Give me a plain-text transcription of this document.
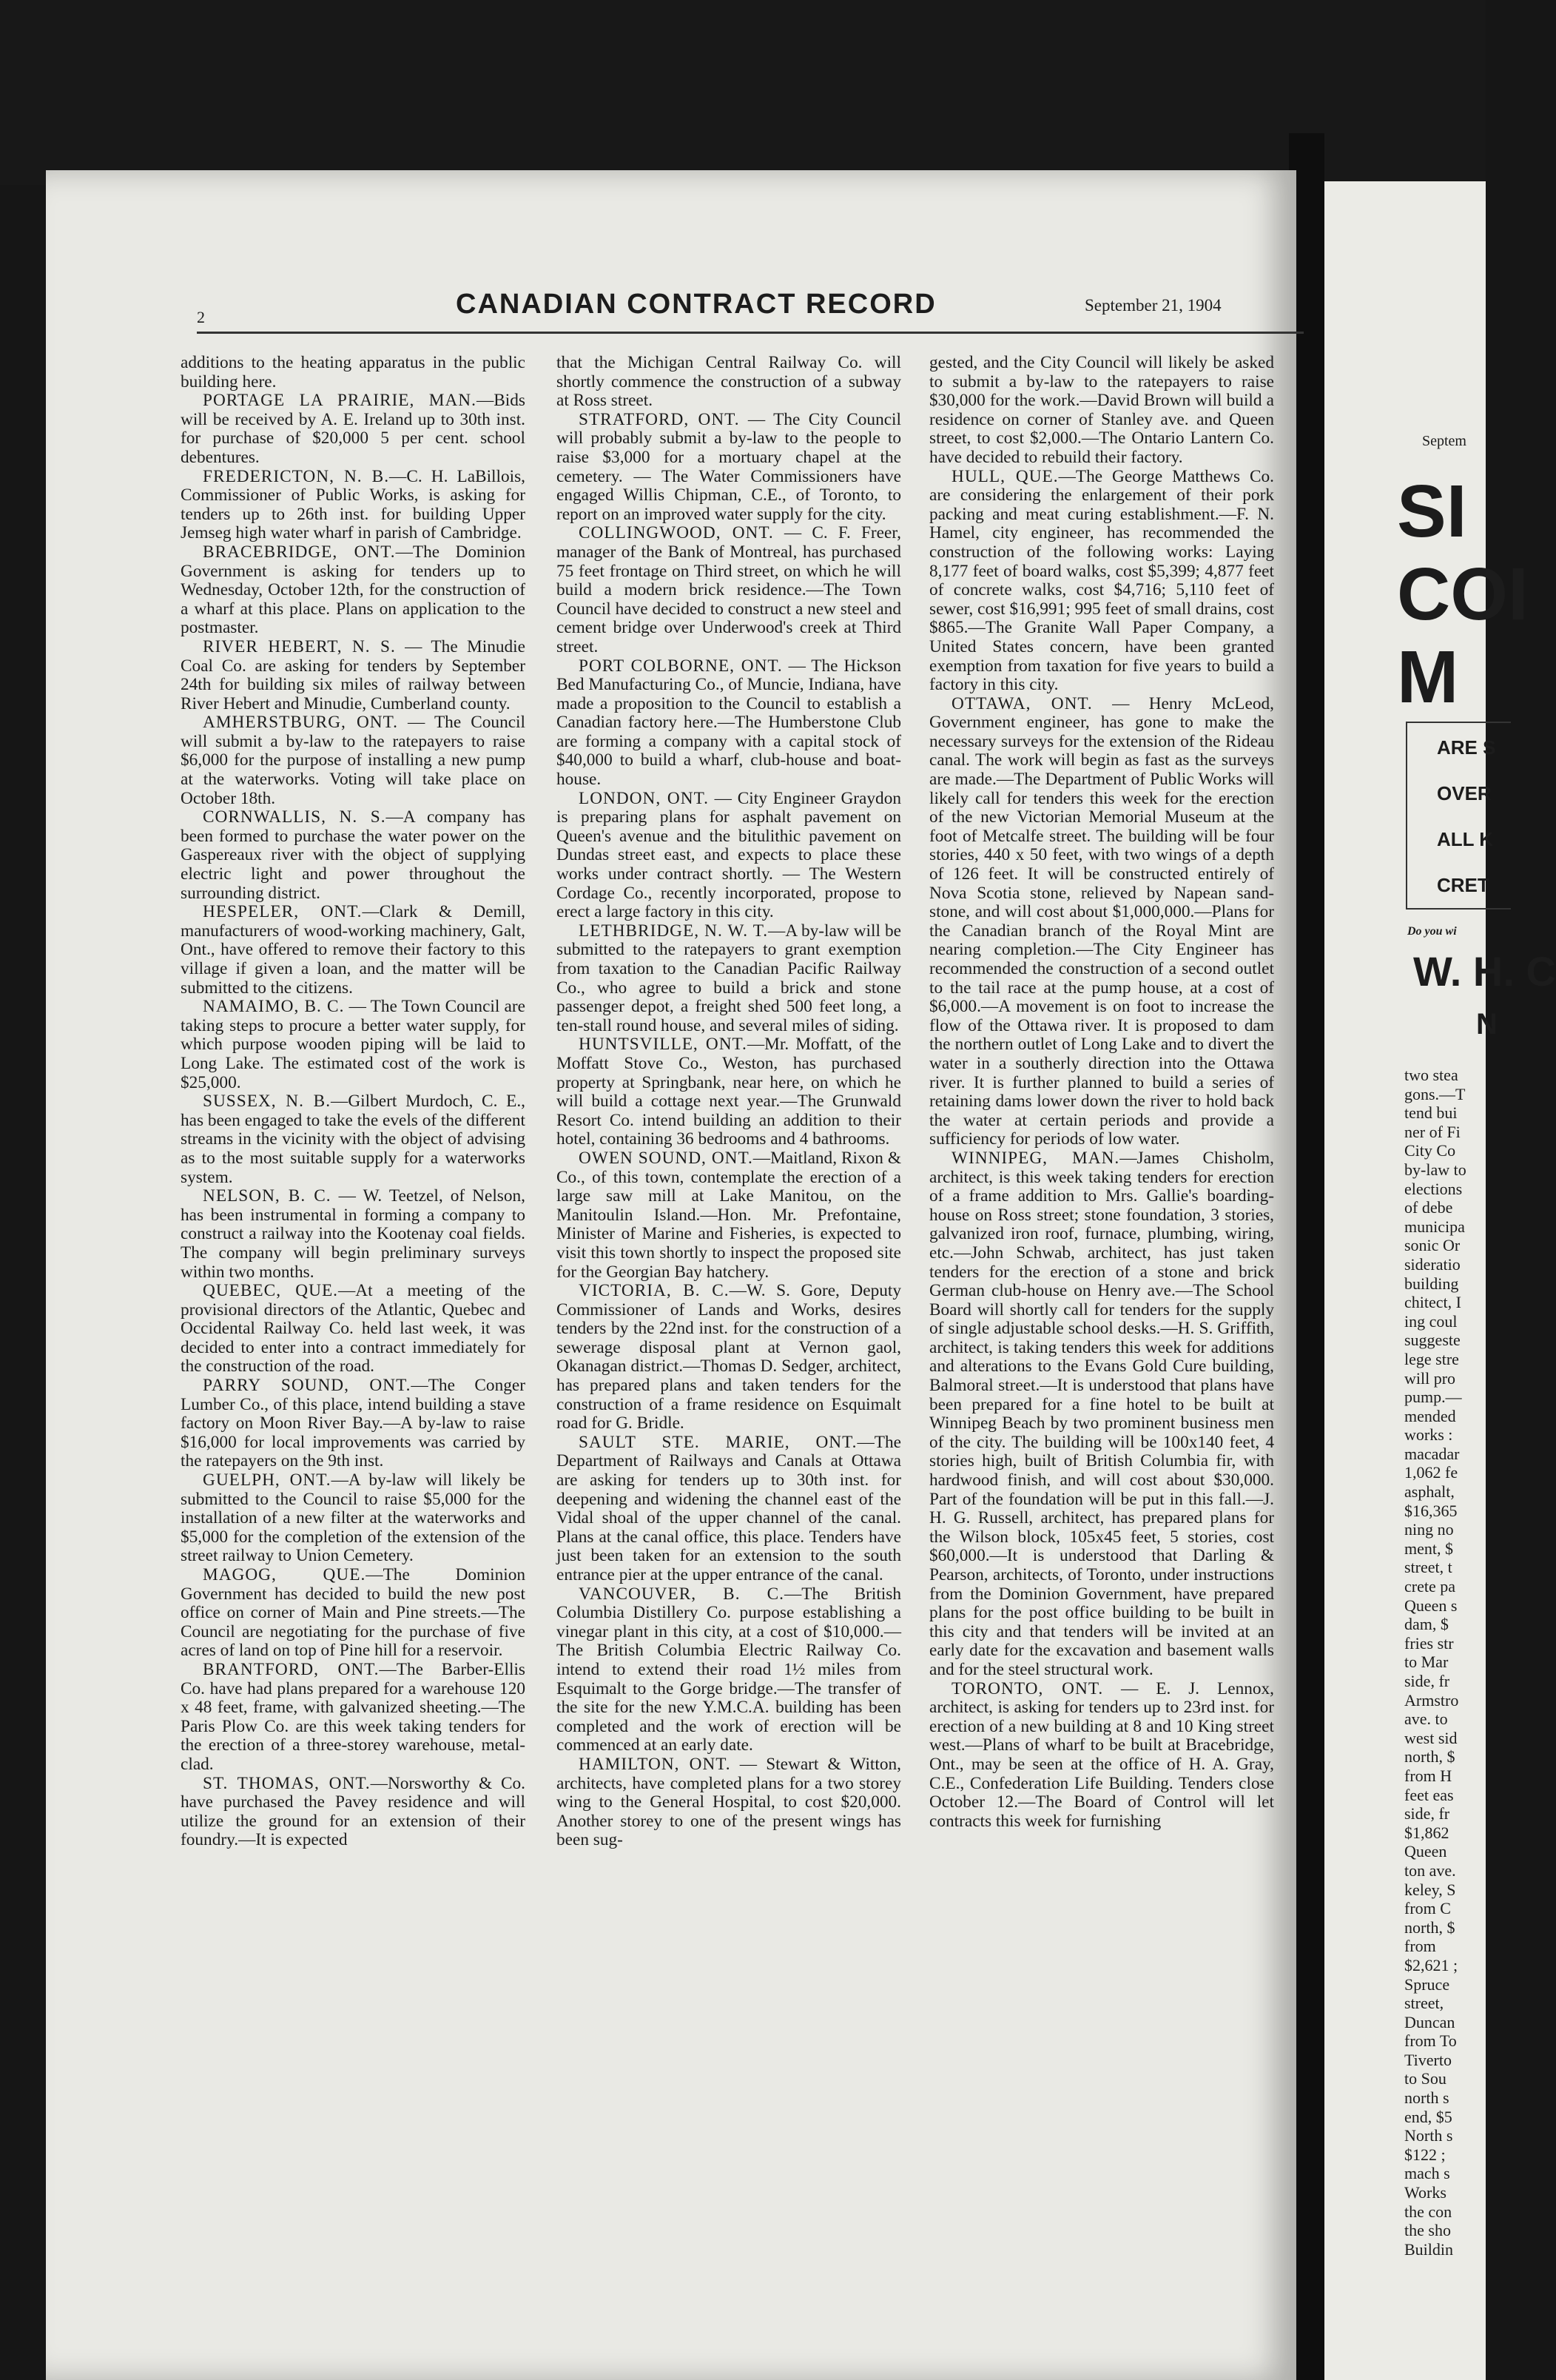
2	CANADIAN CONTRACT RECORD	September 21, 1904

additions to the heating apparatus in the public building here.

PORTAGE LA PRAIRIE, MAN.—Bids will be received by A. E. Ireland up to 30th inst. for purchase of $20,000 5 per cent. school debentures.

FREDERICTON, N. B.—C. H. LaBillois, Commissioner of Public Works, is asking for tenders up to 26th inst. for building Upper Jemseg high water wharf in parish of Cambridge.

BRACEBRIDGE, ONT.—The Dominion Government is asking for tenders up to Wednesday, October 12th, for the construction of a wharf at this place. Plans on application to the postmaster.

RIVER HEBERT, N. S. — The Minudie Coal Co. are asking for tenders by September 24th for building six miles of railway between River Hebert and Minudie, Cumberland county.

AMHERSTBURG, ONT. — The Council will submit a by-law to the ratepayers to raise $6,000 for the purpose of installing a new pump at the waterworks. Voting will take place on October 18th.

CORNWALLIS, N. S.—A company has been formed to purchase the water power on the Gaspereaux river with the object of supplying electric light and power throughout the surrounding district.

HESPELER, ONT.—Clark & Demill, manufacturers of wood-working machinery, Galt, Ont., have offered to remove their factory to this village if given a loan, and the matter will be submitted to the citizens.

NAMAIMO, B. C. — The Town Council are taking steps to procure a better water supply, for which purpose wooden piping will be laid to Long Lake. The estimated cost of the work is $25,000.

SUSSEX, N. B.—Gilbert Murdoch, C. E., has been engaged to take the evels of the different streams in the vicinity with the object of advising as to the most suitable supply for a waterworks system.

NELSON, B. C. — W. Teetzel, of Nelson, has been instrumental in forming a company to construct a railway into the Kootenay coal fields. The company will begin preliminary surveys within two months.

QUEBEC, QUE.—At a meeting of the provisional directors of the Atlantic, Quebec and Occidental Railway Co. held last week, it was decided to enter into a contract immediately for the construction of the road.

PARRY SOUND, ONT.—The Conger Lumber Co., of this place, intend building a stave factory on Moon River Bay.—A by-law to raise $16,000 for local improvements was carried by the ratepayers on the 9th inst.

GUELPH, ONT.—A by-law will likely be submitted to the Council to raise $5,000 for the installation of a new filter at the waterworks and $5,000 for the completion of the extension of the street railway to Union Cemetery.

MAGOG, QUE.—The Dominion Government has decided to build the new post office on corner of Main and Pine streets.—The Council are negotiating for the purchase of five acres of land on top of Pine hill for a reservoir.

BRANTFORD, ONT.—The Barber-Ellis Co. have had plans prepared for a warehouse 120 x 48 feet, frame, with galvanized sheeting.—The Paris Plow Co. are this week taking tenders for the erection of a three-storey warehouse, metal-clad.

ST. THOMAS, ONT.—Norsworthy & Co. have purchased the Pavey residence and will utilize the ground for an extension of their foundry.—It is expected

that the Michigan Central Railway Co. will shortly commence the construction of a subway at Ross street.

STRATFORD, ONT. — The City Council will probably submit a by-law to the people to raise $3,000 for a mortuary chapel at the cemetery. — The Water Commissioners have engaged Willis Chipman, C.E., of Toronto, to report on an improved water supply for the city.

COLLINGWOOD, ONT. — C. F. Freer, manager of the Bank of Montreal, has purchased 75 feet frontage on Third street, on which he will build a modern brick residence.—The Town Council have decided to construct a new steel and cement bridge over Underwood's creek at Third street.

PORT COLBORNE, ONT. — The Hickson Bed Manufacturing Co., of Muncie, Indiana, have made a proposition to the Council to establish a Canadian factory here.—The Humberstone Club are forming a company with a capital stock of $40,000 to build a wharf, club-house and boat-house.

LONDON, ONT. — City Engineer Graydon is preparing plans for asphalt pavement on Queen's avenue and the bitulithic pavement on Dundas street east, and expects to place these works under contract shortly. — The Western Cordage Co., recently incorporated, propose to erect a large factory in this city.

LETHBRIDGE, N. W. T.—A by-law will be submitted to the ratepayers to grant exemption from taxation to the Canadian Pacific Railway Co., who agree to build a brick and stone passenger depot, a freight shed 500 feet long, a ten-stall round house, and several miles of siding.

HUNTSVILLE, ONT.—Mr. Moffatt, of the Moffatt Stove Co., Weston, has purchased property at Springbank, near here, on which he will build a cottage next year.—The Grunwald Resort Co. intend building an addition to their hotel, containing 36 bedrooms and 4 bathrooms.

OWEN SOUND, ONT.—Maitland, Rixon & Co., of this town, contemplate the erection of a large saw mill at Lake Manitou, on the Manitoulin Island.—Hon. Mr. Prefontaine, Minister of Marine and Fisheries, is expected to visit this town shortly to inspect the proposed site for the Georgian Bay hatchery.

VICTORIA, B. C.—W. S. Gore, Deputy Commissioner of Lands and Works, desires tenders by the 22nd inst. for the construction of a sewerage disposal plant at Vernon gaol, Okanagan district.—Thomas D. Sedger, architect, has prepared plans and taken tenders for the construction of a frame residence on Esquimalt road for G. Bridle.

SAULT STE. MARIE, ONT.—The Department of Railways and Canals at Ottawa are asking for tenders up to 30th inst. for deepening and widening the channel east of the Vidal shoal of the upper channel of the canal. Plans at the canal office, this place. Tenders have just been taken for an extension to the south entrance pier at the upper entrance of the canal.

VANCOUVER, B. C.—The British Columbia Distillery Co. purpose establishing a vinegar plant in this city, at a cost of $10,000.—The British Columbia Electric Railway Co. intend to extend their road 1½ miles from Esquimalt to the Gorge bridge.—The transfer of the site for the new Y.M.C.A. building has been completed and the work of erection will be commenced at an early date.

HAMILTON, ONT. — Stewart & Witton, architects, have completed plans for a two storey wing to the General Hospital, to cost $20,000. Another storey to one of the present wings has been sug-

gested, and the City Council will likely be asked to submit a by-law to the ratepayers to raise $30,000 for the work.—David Brown will build a residence on corner of Stanley ave. and Queen street, to cost $2,000.—The Ontario Lantern Co. have decided to rebuild their factory.

HULL, QUE.—The George Matthews Co. are considering the enlargement of their pork packing and meat curing establishment.—F. N. Hamel, city engineer, has recommended the construction of the following works: Laying 8,177 feet of board walks, cost $5,399; 4,877 feet of concrete walks, cost $4,716; 5,110 feet of sewer, cost $16,991; 995 feet of small drains, cost $865.—The Granite Wall Paper Company, a United States concern, have been granted exemption from taxation for five years to build a factory in this city.

OTTAWA, ONT. — Henry McLeod, Government engineer, has gone to make the necessary surveys for the extension of the Rideau canal. The work will begin as fast as the surveys are made.—The Department of Public Works will likely call for tenders this week for the erection of the new Victorian Memorial Museum at the foot of Metcalfe street. The building will be four stories, 440 x 50 feet, with two wings of a depth of 126 feet. It will be constructed entirely of Nova Scotia stone, relieved by Napean sand-stone, and will cost about $1,000,000.—Plans for the Canadian branch of the Royal Mint are nearing completion.—The City Engineer has recommended the construction of a second outlet to the tail race at the pump house, at a cost of $6,000.—A movement is on foot to increase the flow of the Ottawa river. It is proposed to dam the northern outlet of Long Lake and to divert the water in a southerly direction into the Ottawa river. It is further planned to build a series of retaining dams lower down the river to hold back the water at certain periods and provide a sufficiency for periods of low water.

WINNIPEG, MAN.—James Chisholm, architect, is this week taking tenders for erection of a frame addition to Mrs. Gallie's boarding-house on Ross street; stone foundation, 3 stories, galvanized iron roof, furnace, plumbing, wiring, etc.—John Schwab, architect, has just taken tenders for the erection of a stone and brick German club-house on Henry ave.—The School Board will shortly call for tenders for the supply of single adjustable school desks.—H. S. Griffith, architect, is taking tenders this week for additions and alterations to the Evans Gold Cure building, Balmoral street.—It is understood that plans have been prepared for a fine hotel to be built at Winnipeg Beach by two prominent business men of the city. The building will be 100x140 feet, 4 stories high, built of British Columbia fir, with hardwood finish, and will cost about $30,000. Part of the foundation will be put in this fall.—J. H. G. Russell, architect, has prepared plans for the Wilson block, 105x45 feet, 5 stories, cost $60,000.—It is understood that Darling & Pearson, architects, of Toronto, under instructions from the Dominion Government, have prepared plans for the post office building to be built in this city and that tenders will be invited at an early date for the excavation and basement walls and for the steel structural work.

TORONTO, ONT. — E. J. Lennox, architect, is asking for tenders up to 23rd inst. for erection of a new building at 8 and 10 King street west.—Plans of wharf to be built at Bracebridge, Ont., may be seen at the office of H. A. Gray, C.E., Confederation Life Building. Tenders close October 12.—The Board of Control will let contracts this week for furnishing

Septem
SI
COI
M
ARE S
OVER
ALL K
CRET
Do you wi
W. H. C
N
two stea
gons.—T
tend bui
ner of Fi
City Co
by-law to
elections
of debe
municipa
sonic Or
sideratio
building
chitect, I
ing coul
suggeste
lege stre
will pro
pump.—
mended
works :
macadar
1,062 fe
asphalt,
$16,365
ning no
ment, $
street, t
crete pa
Queen s
dam, $
fries str
to Mar
side, fr
Armstro
ave. to
west sid
north, $
from H
feet eas
side, fr
$1,862
Queen
ton ave.
keley, S
from C
north, $
from
$2,621 ;
Spruce
street,
Duncan
from To
Tiverto
to Sou
north s
end, $5
North s
$122 ;
mach s
Works
the con
the sho
Buildin
